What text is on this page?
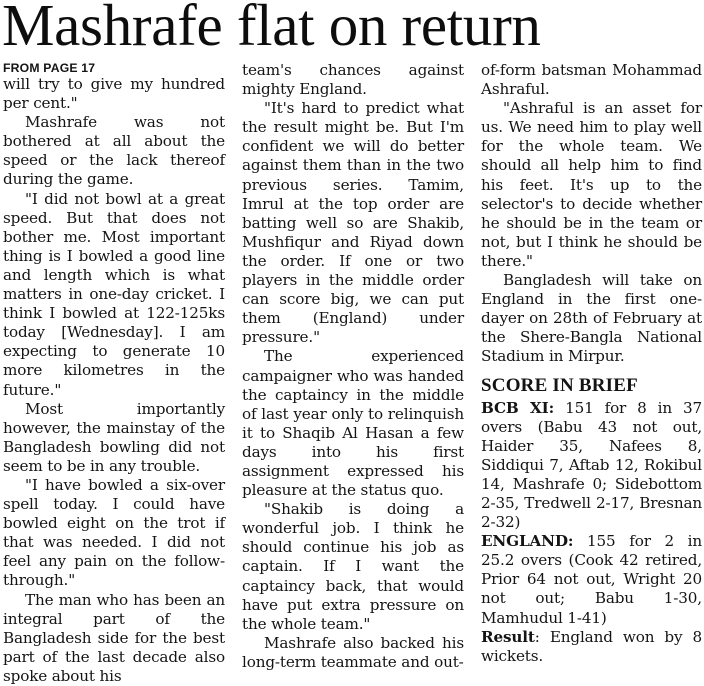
Mashrafe flat on return
FROM PAGE 17

will try to give my hundred per cent."

Mashrafe was not bothered at all about the speed or the lack thereof during the game.

"I did not bowl at a great speed. But that does not bother me. Most important thing is I bowled a good line and length which is what matters in one-day cricket. I think I bowled at 122-125ks today [Wednesday]. I am expecting to generate 10 more kilometres in the future."

Most importantly however, the mainstay of the Bangladesh bowling did not seem to be in any trouble.

"I have bowled a six-over spell today. I could have bowled eight on the trot if that was needed. I did not feel any pain on the follow-through."

The man who has been an integral part of the Bangladesh side for the best part of the last decade also spoke about his

team's chances against mighty England.

"It's hard to predict what the result might be. But I'm confident we will do better against them than in the two previous series. Tamim, Imrul at the top order are batting well so are Shakib, Mushfiqur and Riyad down the order. If one or two players in the middle order can score big, we can put them (England) under pressure."

The experienced campaigner who was handed the captaincy in the middle of last year only to relinquish it to Shaqib Al Hasan a few days into his first assignment expressed his pleasure at the status quo.

"Shakib is doing a wonderful job. I think he should continue his job as captain. If I want the captaincy back, that would have put extra pressure on the whole team."

Mashrafe also backed his long-term teammate and out-

of-form batsman Mohammad Ashraful.

"Ashraful is an asset for us. We need him to play well for the whole team. We should all help him to find his feet. It's up to the selector's to decide whether he should be in the team or not, but I think he should be there."

Bangladesh will take on England in the first one-dayer on 28th of February at the Shere-Bangla National Stadium in Mirpur.

SCORE IN BRIEF

BCB XI: 151 for 8 in 37 overs (Babu 43 not out, Haider 35, Nafees 8, Siddiqui 7, Aftab 12, Rokibul 14, Mashrafe 0; Sidebottom 2-35, Tredwell 2-17, Bresnan 2-32)

ENGLAND: 155 for 2 in 25.2 overs (Cook 42 retired, Prior 64 not out, Wright 20 not out; Babu 1-30, Mamhudul 1-41)

Result: England won by 8 wickets.
